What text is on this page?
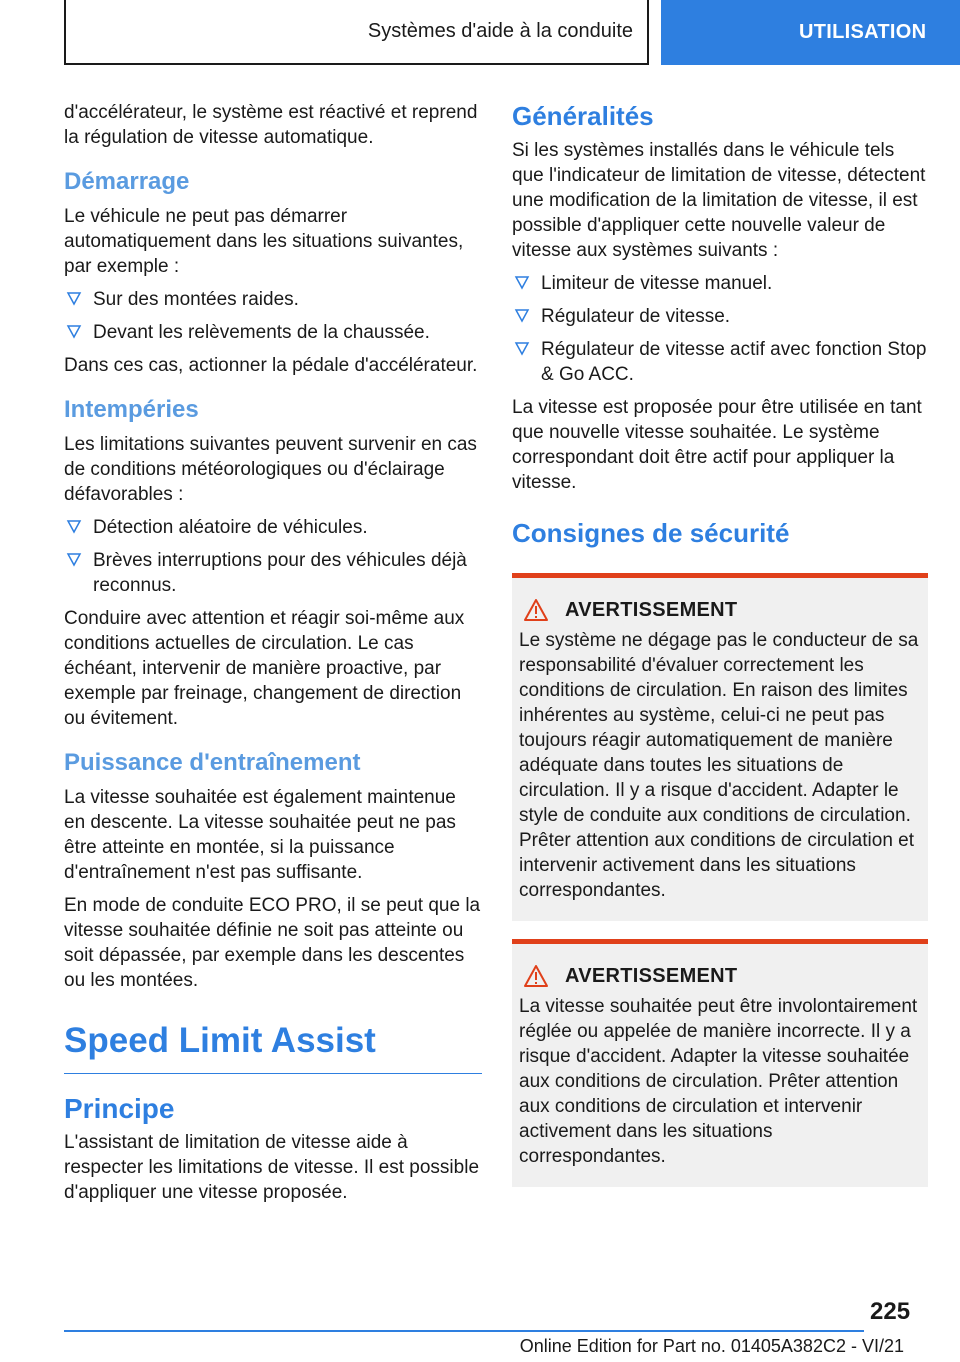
Systèmes d'aide à la conduite	UTILISATION

d'accélérateur, le système est réactivé et reprend la régulation de vitesse automatique.

Démarrage

Le véhicule ne peut pas démarrer automatiquement dans les situations suivantes, par exemple :

Sur des montées raides.
Devant les relèvements de la chaussée.

Dans ces cas, actionner la pédale d'accélérateur.

Intempéries

Les limitations suivantes peuvent survenir en cas de conditions météorologiques ou d'éclairage défavorables :

Détection aléatoire de véhicules.
Brèves interruptions pour des véhicules déjà reconnus.

Conduire avec attention et réagir soi-même aux conditions actuelles de circulation. Le cas échéant, intervenir de manière proactive, par exemple par freinage, changement de direction ou évitement.

Puissance d'entraînement

La vitesse souhaitée est également maintenue en descente. La vitesse souhaitée peut ne pas être atteinte en montée, si la puissance d'entraînement n'est pas suffisante.

En mode de conduite ECO PRO, il se peut que la vitesse souhaitée définie ne soit pas atteinte ou soit dépassée, par exemple dans les descentes ou les montées.

Speed Limit Assist
Principe

L'assistant de limitation de vitesse aide à respecter les limitations de vitesse. Il est possible d'appliquer une vitesse proposée.

Généralités

Si les systèmes installés dans le véhicule tels que l'indicateur de limitation de vitesse, détectent une modification de la limitation de vitesse, il est possible d'appliquer cette nouvelle valeur de vitesse aux systèmes suivants :

Limiteur de vitesse manuel.
Régulateur de vitesse.
Régulateur de vitesse actif avec fonction Stop & Go ACC.

La vitesse est proposée pour être utilisée en tant que nouvelle vitesse souhaitée. Le système correspondant doit être actif pour appliquer la vitesse.

Consignes de sécurité
AVERTISSEMENT

Le système ne dégage pas le conducteur de sa responsabilité d'évaluer correctement les conditions de circulation. En raison des limites inhérentes au système, celui-ci ne peut pas toujours réagir automatiquement de manière adéquate dans toutes les situations de circulation. Il y a risque d'accident. Adapter le style de conduite aux conditions de circulation. Prêter attention aux conditions de circulation et intervenir activement dans les situations correspondantes.

AVERTISSEMENT

La vitesse souhaitée peut être involontairement réglée ou appelée de manière incorrecte. Il y a risque d'accident. Adapter la vitesse souhaitée aux conditions de circulation. Prêter attention aux conditions de circulation et intervenir activement dans les situations correspondantes.

225
Online Edition for Part no. 01405A382C2 - VI/21
